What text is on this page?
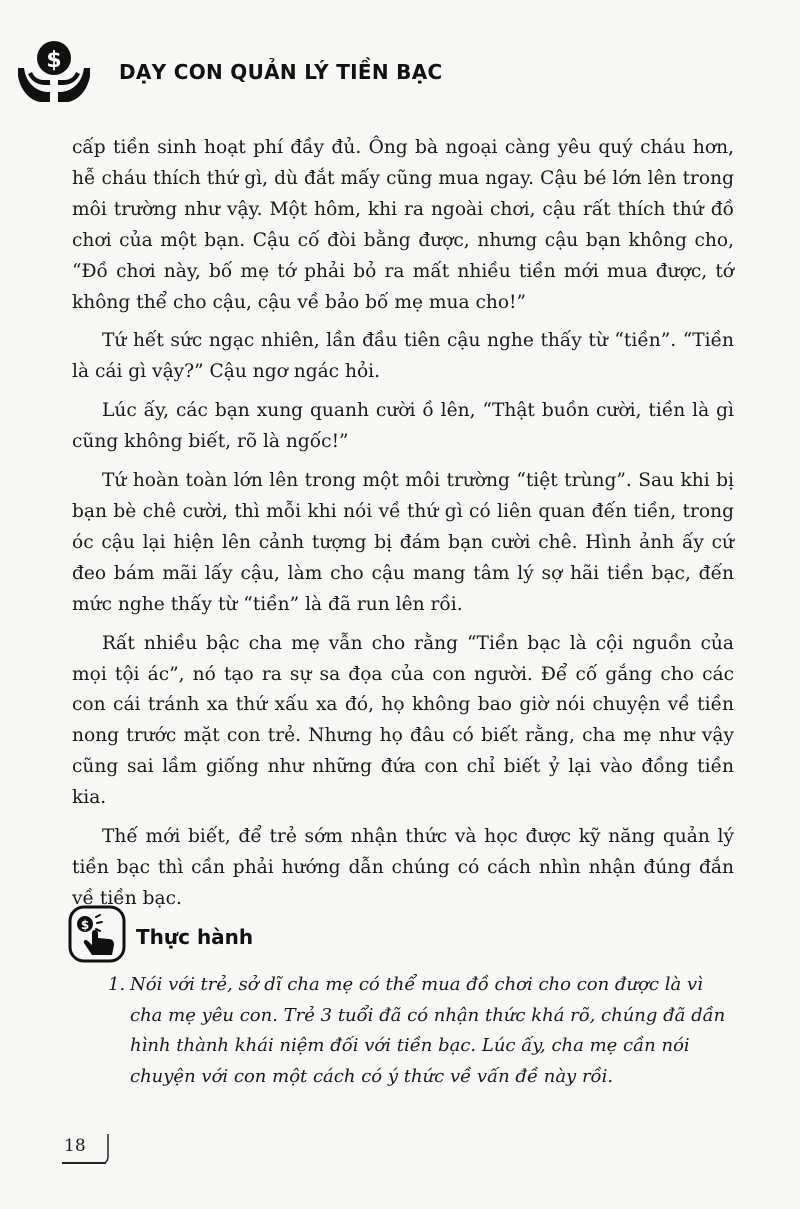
$	DẠY CON QUẢN LÝ TIỀN BẠC

cấp tiền sinh hoạt phí đầy đủ. Ông bà ngoại càng yêu quý cháu hơn, hễ cháu thích thứ gì, dù đắt mấy cũng mua ngay. Cậu bé lớn lên trong môi trường như vậy. Một hôm, khi ra ngoài chơi, cậu rất thích thứ đồ chơi của một bạn. Cậu cố đòi bằng được, nhưng cậu bạn không cho, “Đồ chơi này, bố mẹ tớ phải bỏ ra mất nhiều tiền mới mua được, tớ không thể cho cậu, cậu về bảo bố mẹ mua cho!”

Tứ hết sức ngạc nhiên, lần đầu tiên cậu nghe thấy từ “tiền”. “Tiền là cái gì vậy?” Cậu ngơ ngác hỏi.

Lúc ấy, các bạn xung quanh cười ồ lên, “Thật buồn cười, tiền là gì cũng không biết, rõ là ngốc!”

Tứ hoàn toàn lớn lên trong một môi trường “tiệt trùng”. Sau khi bị bạn bè chê cười, thì mỗi khi nói về thứ gì có liên quan đến tiền, trong óc cậu lại hiện lên cảnh tượng bị đám bạn cười chê. Hình ảnh ấy cứ đeo bám mãi lấy cậu, làm cho cậu mang tâm lý sợ hãi tiền bạc, đến mức nghe thấy từ “tiền” là đã run lên rồi.

Rất nhiều bậc cha mẹ vẫn cho rằng “Tiền bạc là cội nguồn của mọi tội ác”, nó tạo ra sự sa đọa của con người. Để cố gắng cho các con cái tránh xa thứ xấu xa đó, họ không bao giờ nói chuyện về tiền nong trước mặt con trẻ. Nhưng họ đâu có biết rằng, cha mẹ như vậy cũng sai lầm giống như những đứa con chỉ biết ỷ lại vào đồng tiền kia.

Thế mới biết, để trẻ sớm nhận thức và học được kỹ năng quản lý tiền bạc thì cần phải hướng dẫn chúng có cách nhìn nhận đúng đắn về tiền bạc.

$ Thực hành
1. Nói với trẻ, sở dĩ cha mẹ có thể mua đồ chơi cho con được là vì cha mẹ yêu con. Trẻ 3 tuổi đã có nhận thức khá rõ, chúng đã dần hình thành khái niệm đối với tiền bạc. Lúc ấy, cha mẹ cần nói chuyện với con một cách có ý thức về vấn đề này rồi.
18
